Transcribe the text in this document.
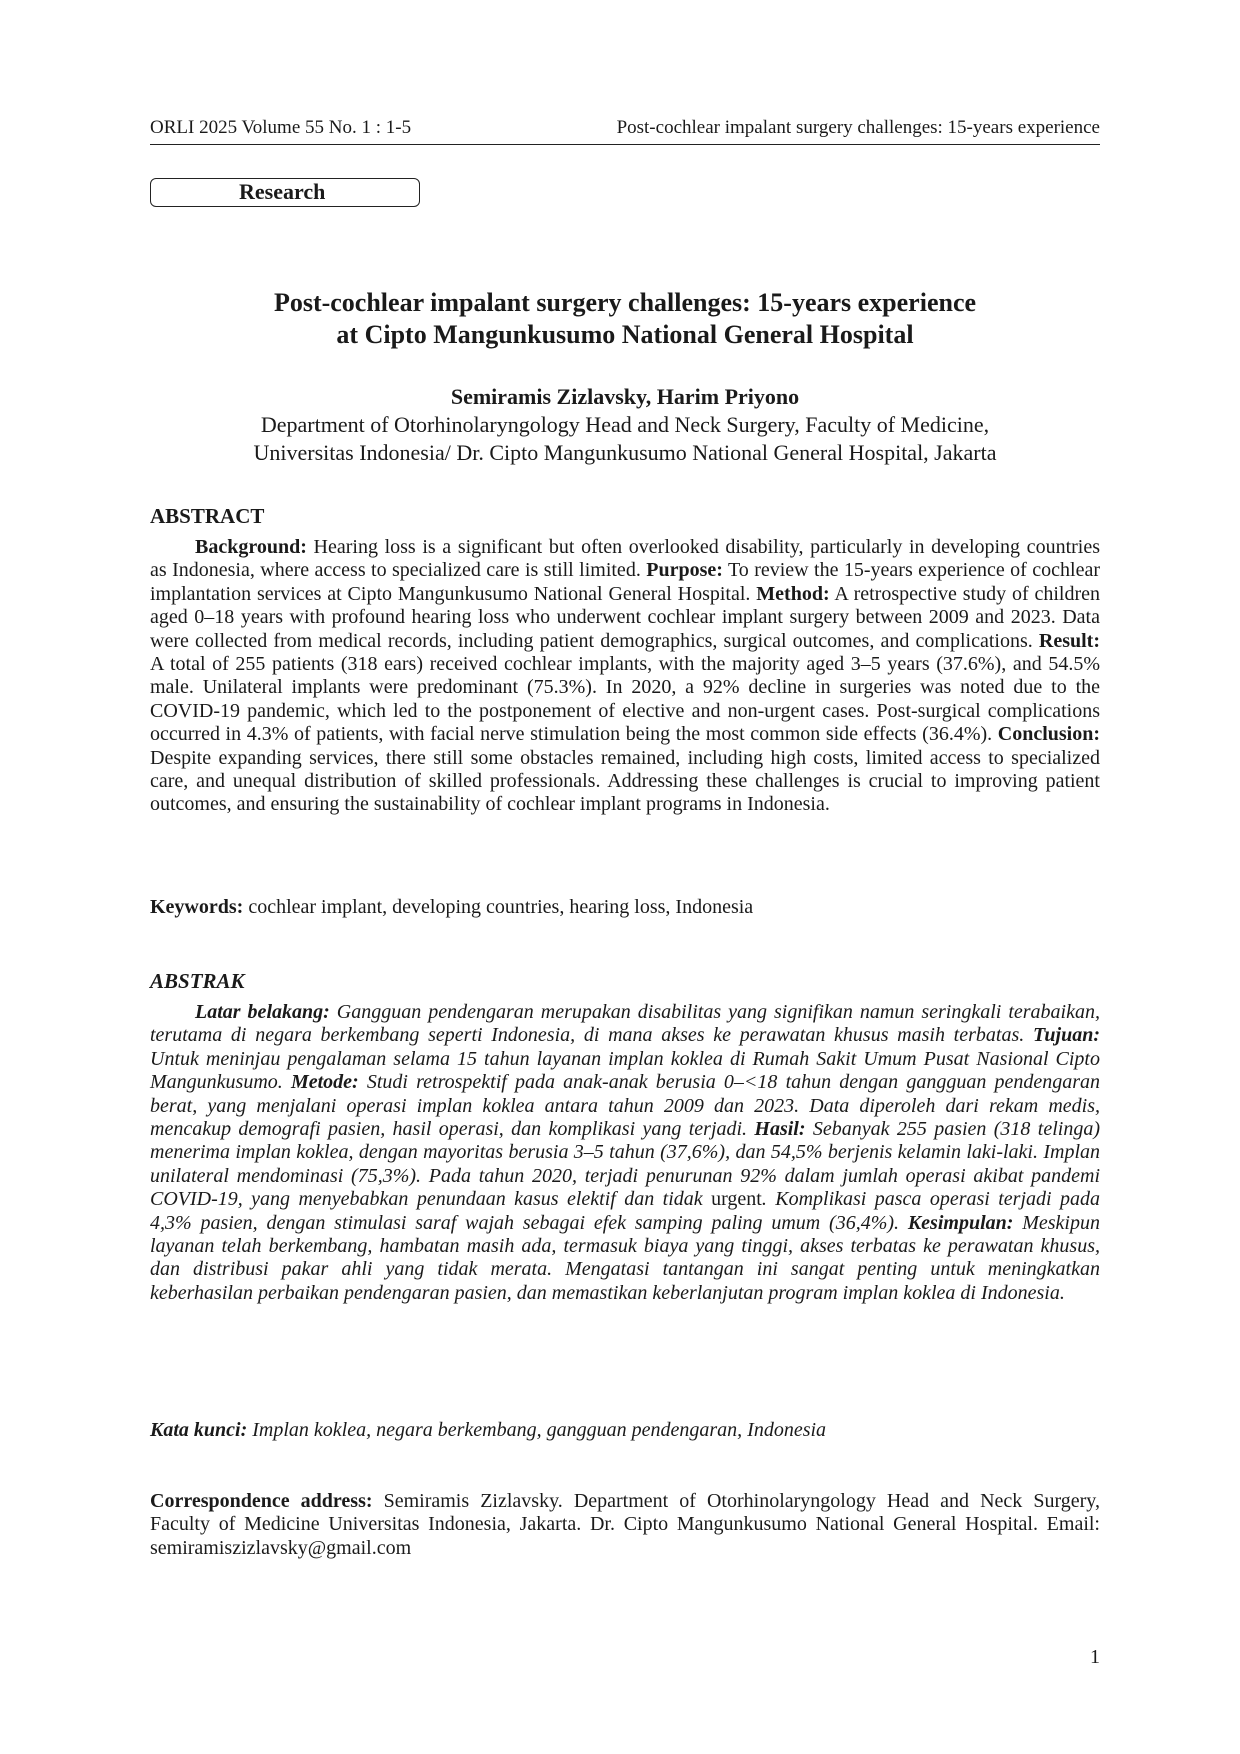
ORLI 2025 Volume 55 No. 1 : 1-5	Post-cochlear impalant surgery challenges: 15-years experience
Research
Post-cochlear impalant surgery challenges: 15-years experience
at Cipto Mangunkusumo National General Hospital
Semiramis Zizlavsky, Harim Priyono
Department of Otorhinolaryngology Head and Neck Surgery, Faculty of Medicine,
Universitas Indonesia/ Dr. Cipto Mangunkusumo National General Hospital, Jakarta
ABSTRACT
Background: Hearing loss is a significant but often overlooked disability, particularly in developing countries as Indonesia, where access to specialized care is still limited. Purpose: To review the 15-years experience of cochlear implantation services at Cipto Mangunkusumo National General Hospital. Method: A retrospective study of children aged 0–18 years with profound hearing loss who underwent cochlear implant surgery between 2009 and 2023. Data were collected from medical records, including patient demographics, surgical outcomes, and complications. Result: A total of 255 patients (318 ears) received cochlear implants, with the majority aged 3–5 years (37.6%), and 54.5% male. Unilateral implants were predominant (75.3%). In 2020, a 92% decline in surgeries was noted due to the COVID-19 pandemic, which led to the postponement of elective and non-urgent cases. Post-surgical complications occurred in 4.3% of patients, with facial nerve stimulation being the most common side effects (36.4%). Conclusion: Despite expanding services, there still some obstacles remained, including high costs, limited access to specialized care, and unequal distribution of skilled professionals. Addressing these challenges is crucial to improving patient outcomes, and ensuring the sustainability of cochlear implant programs in Indonesia.
Keywords: cochlear implant, developing countries, hearing loss, Indonesia
ABSTRAK
Latar belakang: Gangguan pendengaran merupakan disabilitas yang signifikan namun seringkali terabaikan, terutama di negara berkembang seperti Indonesia, di mana akses ke perawatan khusus masih terbatas. Tujuan: Untuk meninjau pengalaman selama 15 tahun layanan implan koklea di Rumah Sakit Umum Pusat Nasional Cipto Mangunkusumo. Metode: Studi retrospektif pada anak-anak berusia 0–<18 tahun dengan gangguan pendengaran berat, yang menjalani operasi implan koklea antara tahun 2009 dan 2023. Data diperoleh dari rekam medis, mencakup demografi pasien, hasil operasi, dan komplikasi yang terjadi. Hasil: Sebanyak 255 pasien (318 telinga) menerima implan koklea, dengan mayoritas berusia 3–5 tahun (37,6%), dan 54,5% berjenis kelamin laki-laki. Implan unilateral mendominasi (75,3%). Pada tahun 2020, terjadi penurunan 92% dalam jumlah operasi akibat pandemi COVID-19, yang menyebabkan penundaan kasus elektif dan tidak urgent. Komplikasi pasca operasi terjadi pada 4,3% pasien, dengan stimulasi saraf wajah sebagai efek samping paling umum (36,4%). Kesimpulan: Meskipun layanan telah berkembang, hambatan masih ada, termasuk biaya yang tinggi, akses terbatas ke perawatan khusus, dan distribusi pakar ahli yang tidak merata. Mengatasi tantangan ini sangat penting untuk meningkatkan keberhasilan perbaikan pendengaran pasien, dan memastikan keberlanjutan program implan koklea di Indonesia.
Kata kunci: Implan koklea, negara berkembang, gangguan pendengaran, Indonesia
Correspondence address: Semiramis Zizlavsky. Department of Otorhinolaryngology Head and Neck Surgery, Faculty of Medicine Universitas Indonesia, Jakarta. Dr. Cipto Mangunkusumo National General Hospital. Email: semiramiszizlavsky@gmail.com
1
